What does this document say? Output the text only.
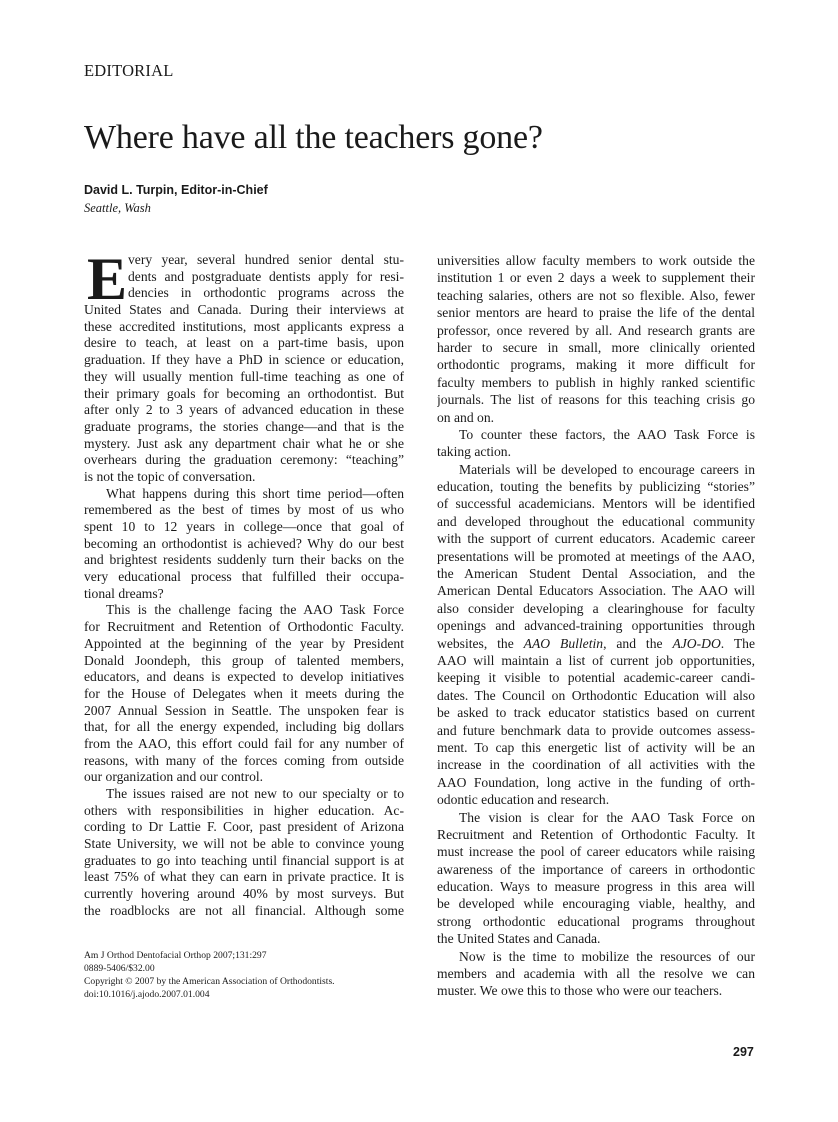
EDITORIAL
Where have all the teachers gone?
David L. Turpin, Editor-in-Chief
Seattle, Wash
E very year, several hundred senior dental stu-
dents and postgraduate dentists apply for resi-
dencies in orthodontic programs across the
United States and Canada. During their interviews at
these accredited institutions, most applicants express a
desire to teach, at least on a part-time basis, upon
graduation. If they have a PhD in science or education,
they will usually mention full-time teaching as one of
their primary goals for becoming an orthodontist. But
after only 2 to 3 years of advanced education in these
graduate programs, the stories change—and that is the
mystery. Just ask any department chair what he or she
overhears during the graduation ceremony: “teaching”
is not the topic of conversation.
What happens during this short time period—often
remembered as the best of times by most of us who
spent 10 to 12 years in college—once that goal of
becoming an orthodontist is achieved? Why do our best
and brightest residents suddenly turn their backs on the
very educational process that fulfilled their occupa-
tional dreams?
This is the challenge facing the AAO Task Force
for Recruitment and Retention of Orthodontic Faculty.
Appointed at the beginning of the year by President
Donald Joondeph, this group of talented members,
educators, and deans is expected to develop initiatives
for the House of Delegates when it meets during the
2007 Annual Session in Seattle. The unspoken fear is
that, for all the energy expended, including big dollars
from the AAO, this effort could fail for any number of
reasons, with many of the forces coming from outside
our organization and our control.
The issues raised are not new to our specialty or to
others with responsibilities in higher education. Ac-
cording to Dr Lattie F. Coor, past president of Arizona
State University, we will not be able to convince young
graduates to go into teaching until financial support is at
least 75% of what they can earn in private practice. It is
currently hovering around 40% by most surveys. But
the roadblocks are not all financial. Although some
universities allow faculty members to work outside the
institution 1 or even 2 days a week to supplement their
teaching salaries, others are not so flexible. Also, fewer
senior mentors are heard to praise the life of the dental
professor, once revered by all. And research grants are
harder to secure in small, more clinically oriented
orthodontic programs, making it more difficult for
faculty members to publish in highly ranked scientific
journals. The list of reasons for this teaching crisis go
on and on.
To counter these factors, the AAO Task Force is
taking action.
Materials will be developed to encourage careers in
education, touting the benefits by publicizing “stories”
of successful academicians. Mentors will be identified
and developed throughout the educational community
with the support of current educators. Academic career
presentations will be promoted at meetings of the AAO,
the American Student Dental Association, and the
American Dental Educators Association. The AAO will
also consider developing a clearinghouse for faculty
openings and advanced-training opportunities through
websites, the AAO Bulletin, and the AJO-DO. The
AAO will maintain a list of current job opportunities,
keeping it visible to potential academic-career candi-
dates. The Council on Orthodontic Education will also
be asked to track educator statistics based on current
and future benchmark data to provide outcomes assess-
ment. To cap this energetic list of activity will be an
increase in the coordination of all activities with the
AAO Foundation, long active in the funding of orth-
odontic education and research.
The vision is clear for the AAO Task Force on
Recruitment and Retention of Orthodontic Faculty. It
must increase the pool of career educators while raising
awareness of the importance of careers in orthodontic
education. Ways to measure progress in this area will
be developed while encouraging viable, healthy, and
strong orthodontic educational programs throughout
the United States and Canada.
Now is the time to mobilize the resources of our
members and academia with all the resolve we can
muster. We owe this to those who were our teachers.
Am J Orthod Dentofacial Orthop 2007;131:297
0889-5406/$32.00
Copyright © 2007 by the American Association of Orthodontists.
doi:10.1016/j.ajodo.2007.01.004
297
